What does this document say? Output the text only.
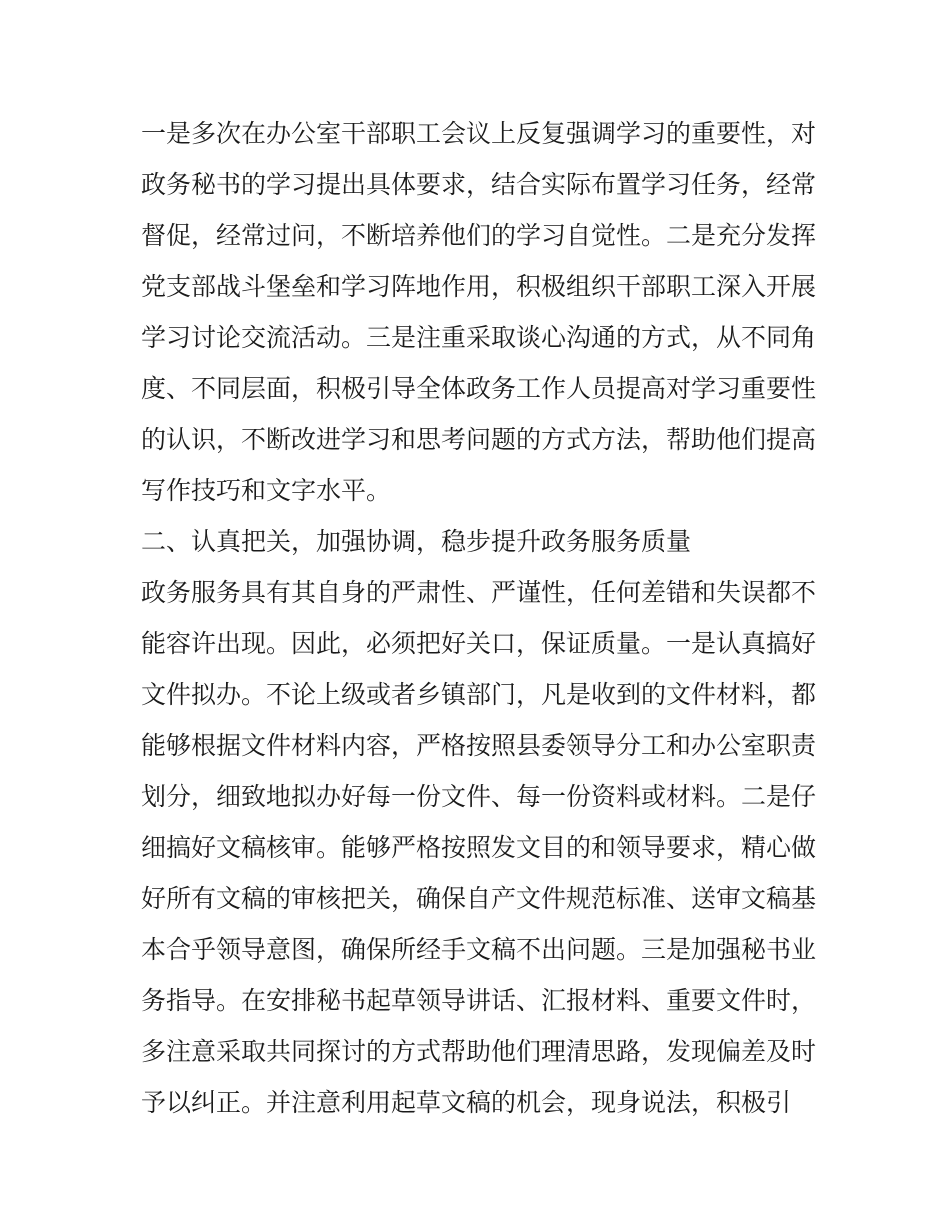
一是多次在办公室干部职工会议上反复强调学习的重要性，对
政务秘书的学习提出具体要求，结合实际布置学习任务，经常
督促，经常过问，不断培养他们的学习自觉性。二是充分发挥
党支部战斗堡垒和学习阵地作用，积极组织干部职工深入开展
学习讨论交流活动。三是注重采取谈心沟通的方式，从不同角
度、不同层面，积极引导全体政务工作人员提高对学习重要性
的认识，不断改进学习和思考问题的方式方法，帮助他们提高
写作技巧和文字水平。
二、认真把关，加强协调，稳步提升政务服务质量
政务服务具有其自身的严肃性、严谨性，任何差错和失误都不
能容许出现。因此，必须把好关口，保证质量。一是认真搞好
文件拟办。不论上级或者乡镇部门，凡是收到的文件材料，都
能够根据文件材料内容，严格按照县委领导分工和办公室职责
划分，细致地拟办好每一份文件、每一份资料或材料。二是仔
细搞好文稿核审。能够严格按照发文目的和领导要求，精心做
好所有文稿的审核把关，确保自产文件规范标准、送审文稿基
本合乎领导意图，确保所经手文稿不出问题。三是加强秘书业
务指导。在安排秘书起草领导讲话、汇报材料、重要文件时，
多注意采取共同探讨的方式帮助他们理清思路，发现偏差及时
予以纠正。并注意利用起草文稿的机会，现身说法，积极引
